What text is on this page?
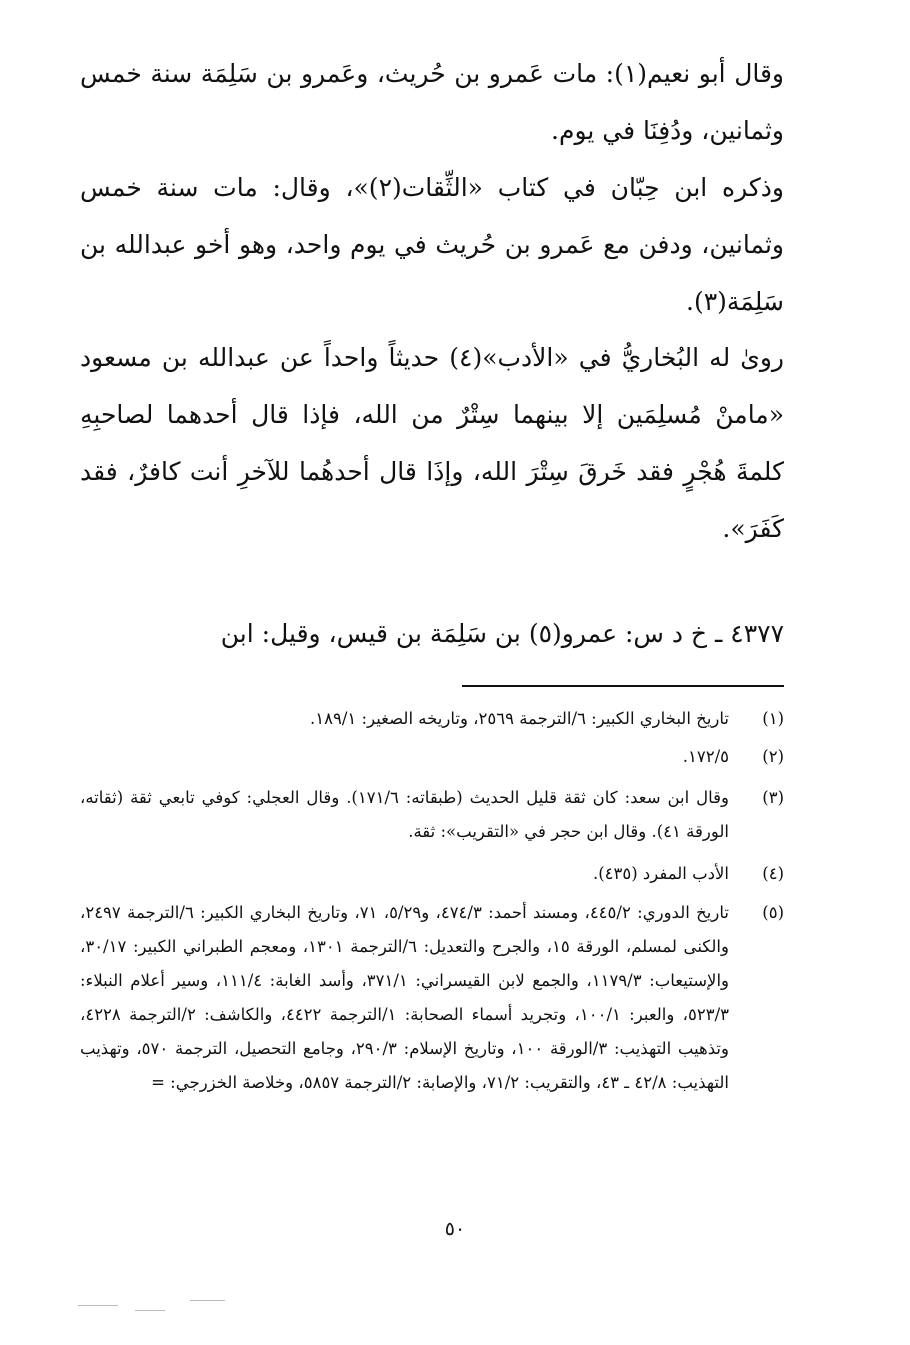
وقال أبو نعيم(١): مات عَمرو بن حُريث، وعَمرو بن سَلِمَة سنة خمس وثمانين، ودُفِنَا في يوم.
وذكره ابن حِبّان في كتاب «الثِّقات(٢)»، وقال: مات سنة خمس وثمانين، ودفن مع عَمرو بن حُريث في يوم واحد، وهو أخو عبدالله بن سَلِمَة(٣).
روىٰ له البُخاريُّ في «الأدب»(٤) حديثاً واحداً عن عبدالله بن مسعود «مامنْ مُسلِمَين إلا بينهما سِتْرٌ من الله، فإذا قال أحدهما لصاحبِهِ كلمةَ هُجْرٍ فقد خَرقَ سِتْرَ الله، وإذَا قال أحدهُما للآخرِ أنت كافرٌ، فقد كَفَرَ».
٤٣٧٧ ـ خ د س: عمرو(٥) بن سَلِمَة بن قيس، وقيل: ابن
(١)
تاريخ البخاري الكبير: ٦/الترجمة ٢٥٦٩، وتاريخه الصغير: ١٨٩/١.
(٢)
١٧٢/٥.
(٣)
وقال ابن سعد: كان ثقة قليل الحديث (طبقاته: ١٧١/٦). وقال العجلي: كوفي تابعي ثقة (ثقاته، الورقة ٤١). وقال ابن حجر في «التقريب»: ثقة.
(٤)
الأدب المفرد (٤٣٥).
(٥)
تاريخ الدوري: ٤٤٥/٢، ومسند أحمد: ٤٧٤/٣، و٥/٢٩، ٧١، وتاريخ البخاري الكبير: ٦/الترجمة ٢٤٩٧، والكنى لمسلم، الورقة ١٥، والجرح والتعديل: ٦/الترجمة ١٣٠١، ومعجم الطبراني الكبير: ٣٠/١٧، والإستيعاب: ١١٧٩/٣، والجمع لابن القيسراني: ٣٧١/١، وأسد الغابة: ١١١/٤، وسير أعلام النبلاء: ٥٢٣/٣، والعبر: ١٠٠/١، وتجريد أسماء الصحابة: ١/الترجمة ٤٤٢٢، والكاشف: ٢/الترجمة ٤٢٢٨، وتذهيب التهذيب: ٣/الورقة ١٠٠، وتاريخ الإسلام: ٢٩٠/٣، وجامع التحصيل، الترجمة ٥٧٠، وتهذيب التهذيب: ٤٢/٨ ـ ٤٣، والتقريب: ٧١/٢، والإصابة: ٢/الترجمة ٥٨٥٧، وخلاصة الخزرجي: =
٥٠
